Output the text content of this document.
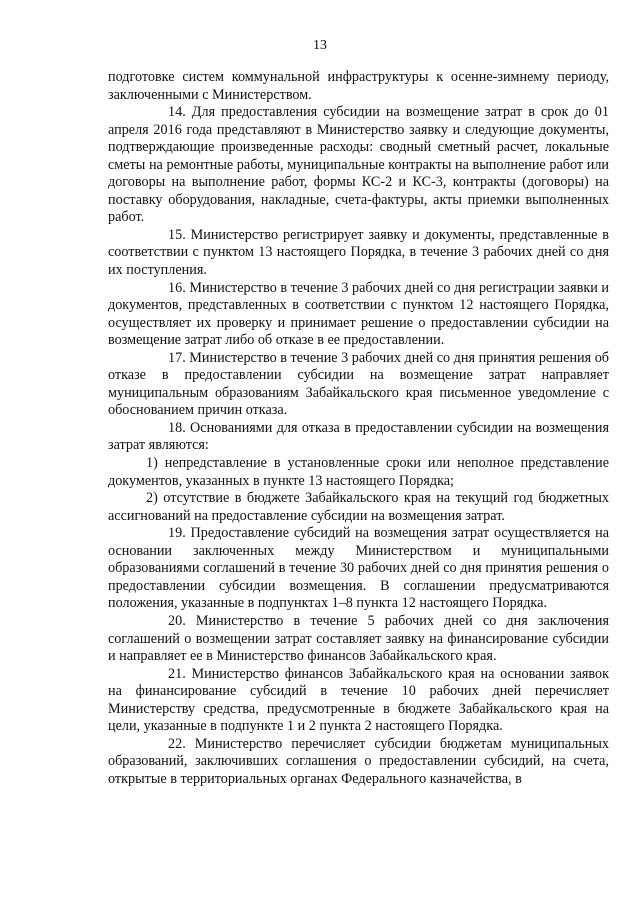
13

подготовке систем коммунальной инфраструктуры к осенне-зимнему периоду, заключенными с Министерством.

14. Для предоставления субсидии на возмещение затрат в срок до 01 апреля 2016 года представляют в Министерство заявку и следующие документы, подтверждающие произведенные расходы: сводный сметный расчет, локальные сметы на ремонтные работы, муниципальные контракты на выполнение работ или договоры на выполнение работ, формы КС-2 и КС-3, контракты (договоры) на поставку оборудования, накладные, счета-фактуры, акты приемки выполненных работ.

15. Министерство регистрирует заявку и документы, представленные в соответствии с пунктом 13 настоящего Порядка, в течение 3 рабочих дней со дня их поступления.

16. Министерство в течение 3 рабочих дней со дня регистрации заявки и документов, представленных в соответствии с пунктом 12 настоящего Порядка, осуществляет их проверку и принимает решение о предоставлении субсидии на возмещение затрат либо об отказе в ее предоставлении.

17. Министерство в течение 3 рабочих дней со дня принятия решения об отказе в предоставлении субсидии на возмещение затрат направляет муниципальным образованиям Забайкальского края письменное уведомление с обоснованием причин отказа.

18. Основаниями для отказа в предоставлении субсидии на возмещения затрат являются:

1) непредставление в установленные сроки или неполное представление документов, указанных в пункте 13 настоящего Порядка;

2) отсутствие в бюджете Забайкальского края на текущий год бюджетных ассигнований на предоставление субсидии на возмещения затрат.

19. Предоставление субсидий на возмещения затрат осуществляется на основании заключенных между Министерством и муниципальными образованиями соглашений в течение 30 рабочих дней со дня принятия решения о предоставлении субсидии возмещения. В соглашении предусматриваются положения, указанные в подпунктах 1–8 пункта 12 настоящего Порядка.

20. Министерство в течение 5 рабочих дней со дня заключения соглашений о возмещении затрат составляет заявку на финансирование субсидии и направляет ее в Министерство финансов Забайкальского края.

21. Министерство финансов Забайкальского края на основании заявок на финансирование субсидий в течение 10 рабочих дней перечисляет Министерству средства, предусмотренные в бюджете Забайкальского края на цели, указанные в подпункте 1 и 2 пункта 2 настоящего Порядка.

22. Министерство перечисляет субсидии бюджетам муниципальных образований, заключивших соглашения о предоставлении субсидий, на счета, открытые в территориальных органах Федерального казначейства, в
